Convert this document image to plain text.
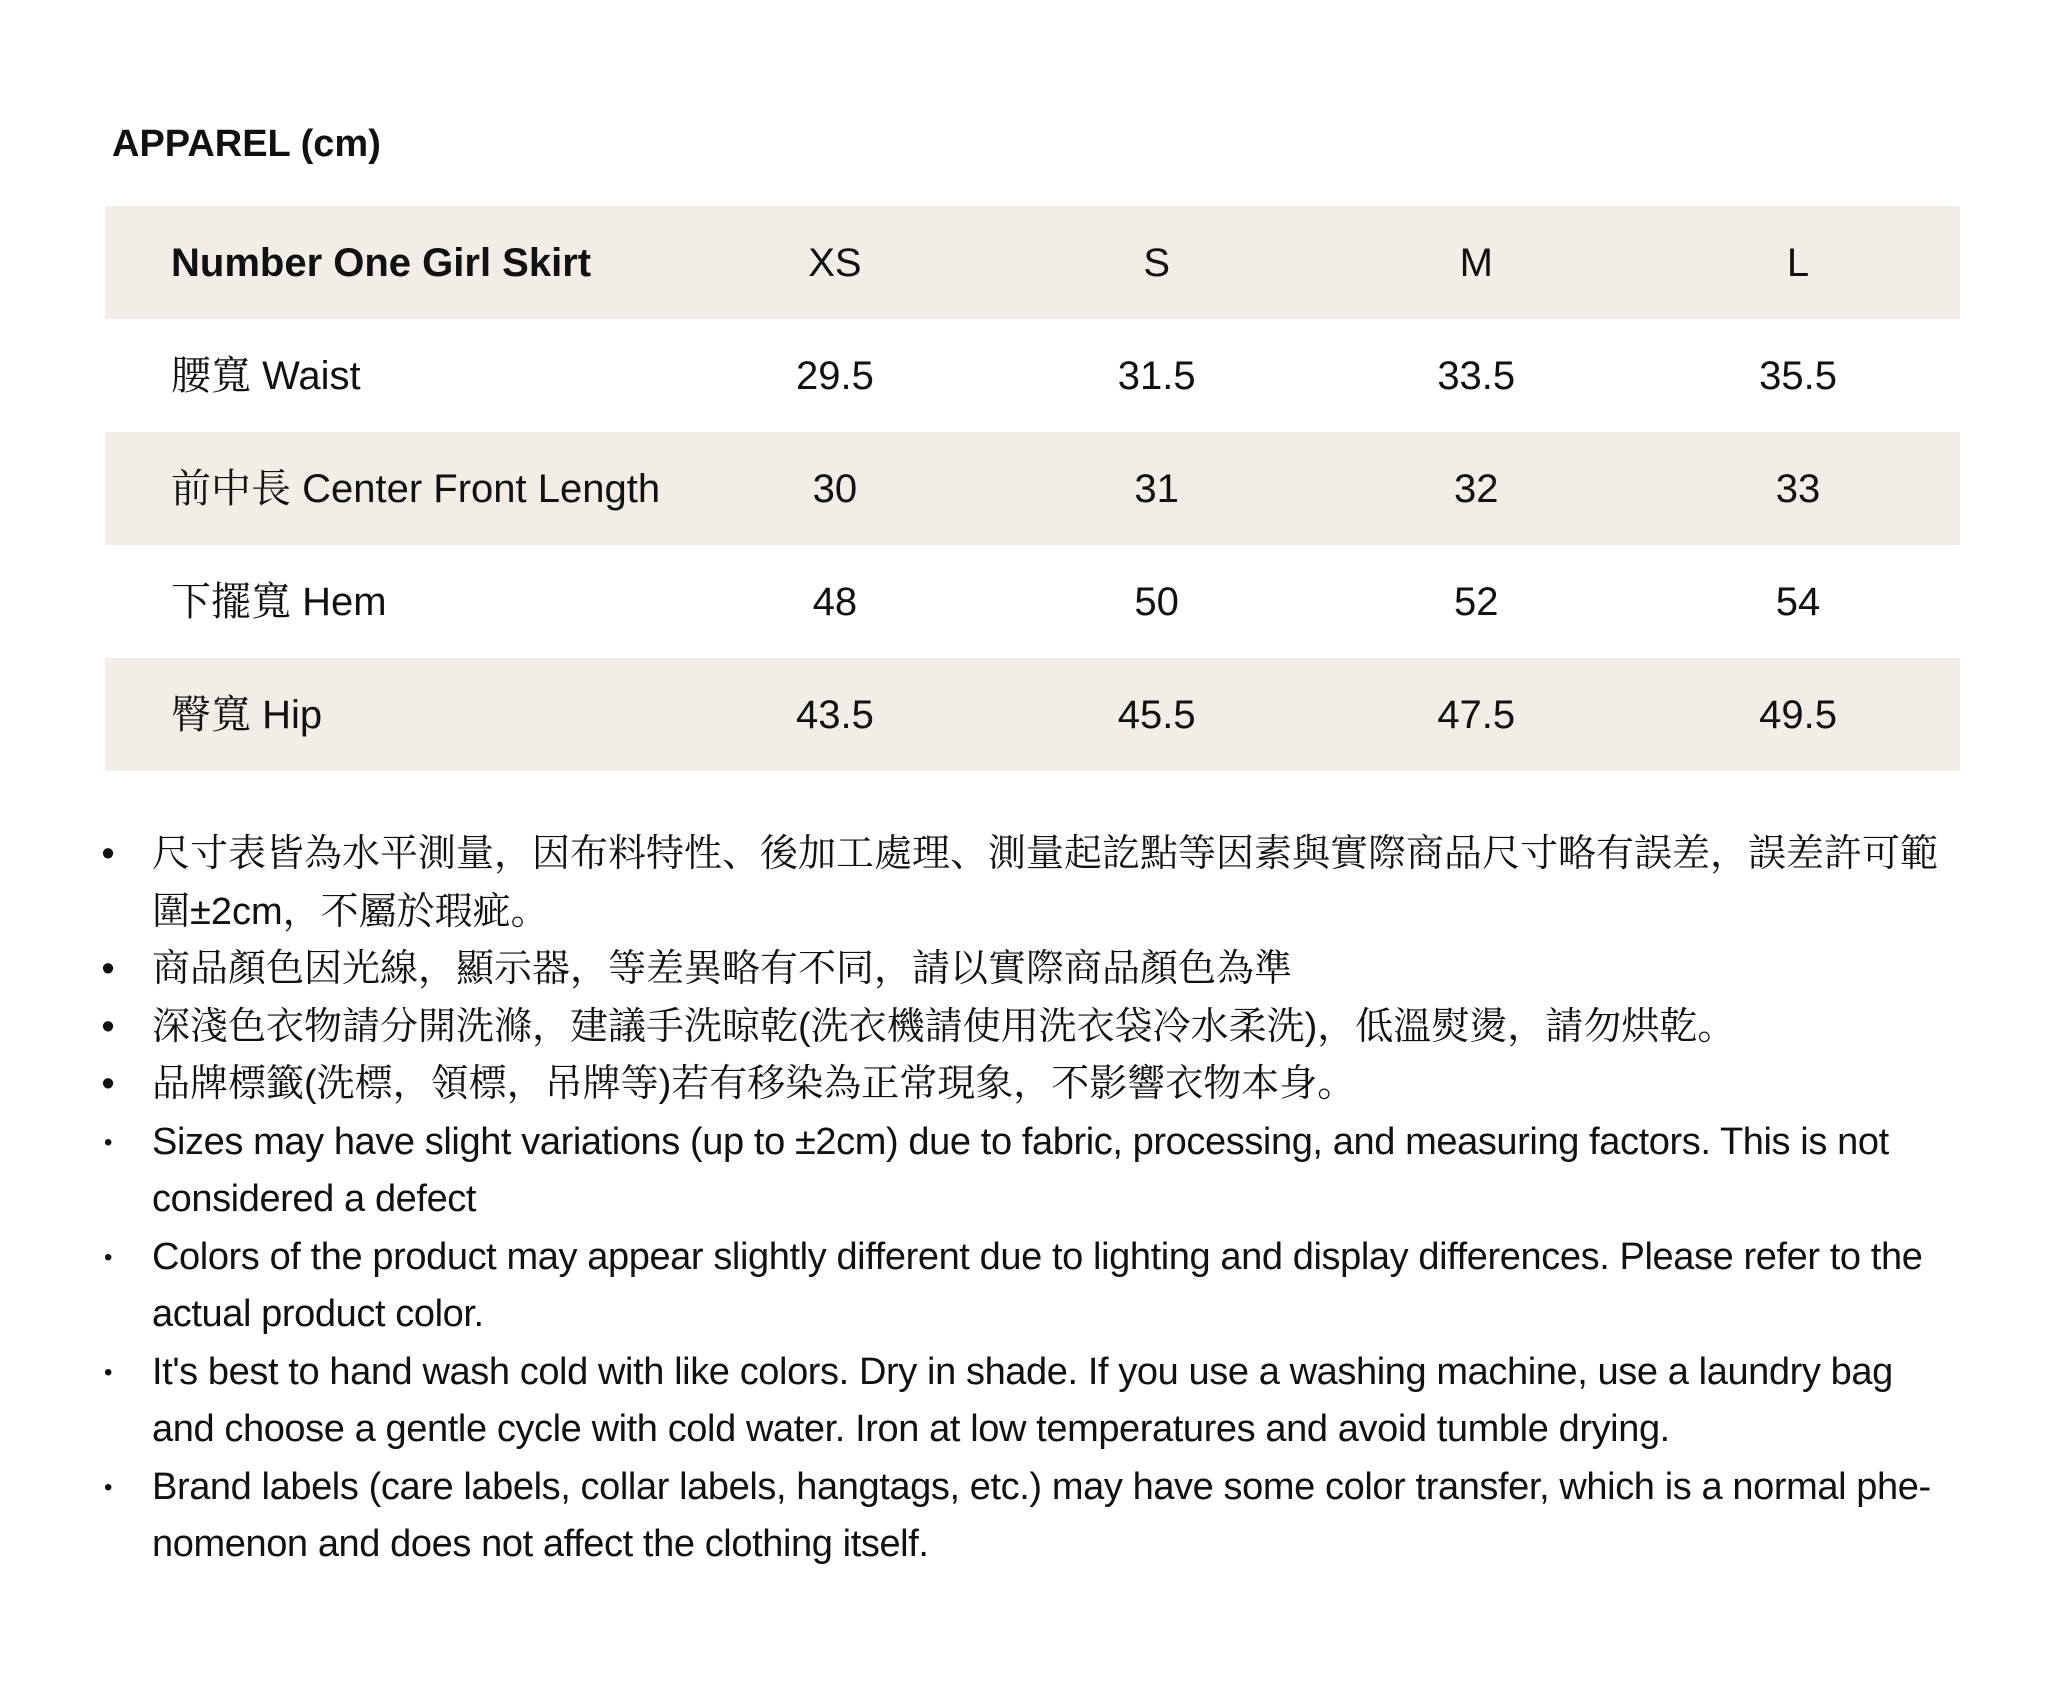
APPAREL (cm)
Number One Girl Skirt	XS	S	M	L
腰寬 Waist	29.5	31.5	33.5	35.5
前中長 Center Front Length	30	31	32	33
下擺寬 Hem	48	50	52	54
臀寬 Hip	43.5	45.5	47.5	49.5
• 尺寸表皆為水平測量，因布料特性、後加工處理、測量起訖點等因素與實際商品尺寸略有誤差，誤差許可範圍±2cm，不屬於瑕疵。
• 商品顏色因光線，顯示器，等差異略有不同，請以實際商品顏色為準
• 深淺色衣物請分開洗滌，建議手洗晾乾(洗衣機請使用洗衣袋冷水柔洗)，低溫熨燙，請勿烘乾。
• 品牌標籤(洗標，領標，吊牌等)若有移染為正常現象，不影響衣物本身。
• Sizes may have slight variations (up to ±2cm) due to fabric, processing, and measuring factors. This is not considered a defect
• Colors of the product may appear slightly different due to lighting and display differences. Please refer to the actual product color.
• It's best to hand wash cold with like colors. Dry in shade. If you use a washing machine, use a laundry bag and choose a gentle cycle with cold water. Iron at low temperatures and avoid tumble drying.
• Brand labels (care labels, collar labels, hangtags, etc.) may have some color transfer, which is a normal phe-nomenon and does not affect the clothing itself.
